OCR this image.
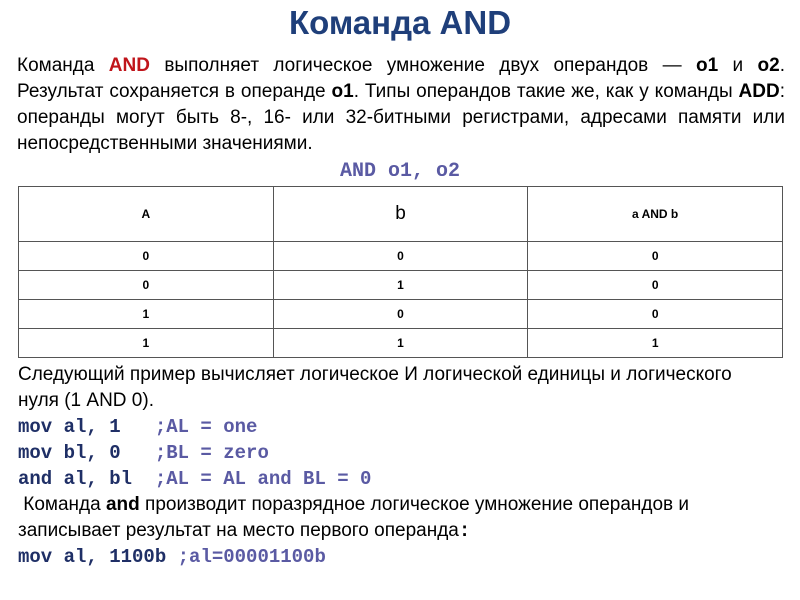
Команда AND

Команда AND выполняет логическое умножение двух операндов — o1 и o2. Результат сохраняется в операнде o1. Типы операндов такие же, как у команды ADD: операнды могут быть 8-, 16- или 32-битными регистрами, адресами памяти или непосредственными значениями.

AND o1, o2
A	b	a AND b
0	0	0
0	1	0
1	0	0
1	1	1
Следующий пример вычисляет логическое И логической единицы и логического
нуля (1 AND 0).
mov al, 1   ;AL = one
mov bl, 0   ;BL = zero
and al, bl  ;AL = AL and BL = 0
Команда and производит поразрядное логическое умножение операндов и записывает результат на место первого операнда:
mov al, 1100b ;al=00001100b
